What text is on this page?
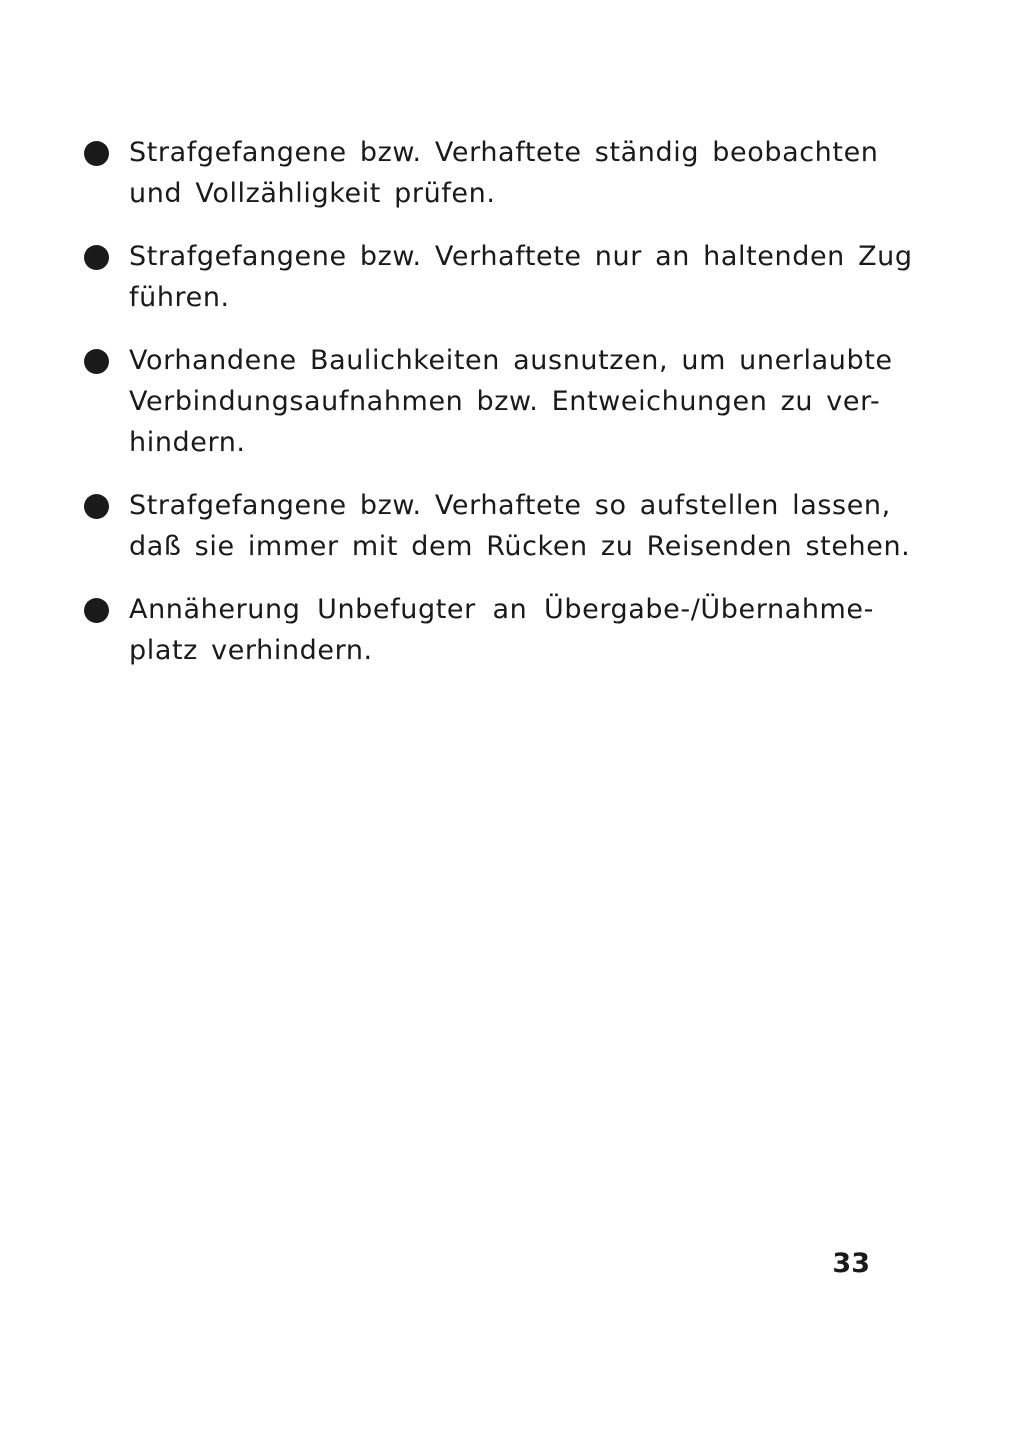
Strafgefangene bzw. Verhaftete ständig beobachten
und Vollzähligkeit prüfen.
Strafgefangene bzw. Verhaftete nur an haltenden Zug
führen.
Vorhandene Baulichkeiten ausnutzen, um unerlaubte
Verbindungsaufnahmen bzw. Entweichungen zu ver-
hindern.
Strafgefangene bzw. Verhaftete so aufstellen lassen,
daß sie immer mit dem Rücken zu Reisenden stehen.
Annäherung Unbefugter an Übergabe-/Übernahme-
platz verhindern.
33
